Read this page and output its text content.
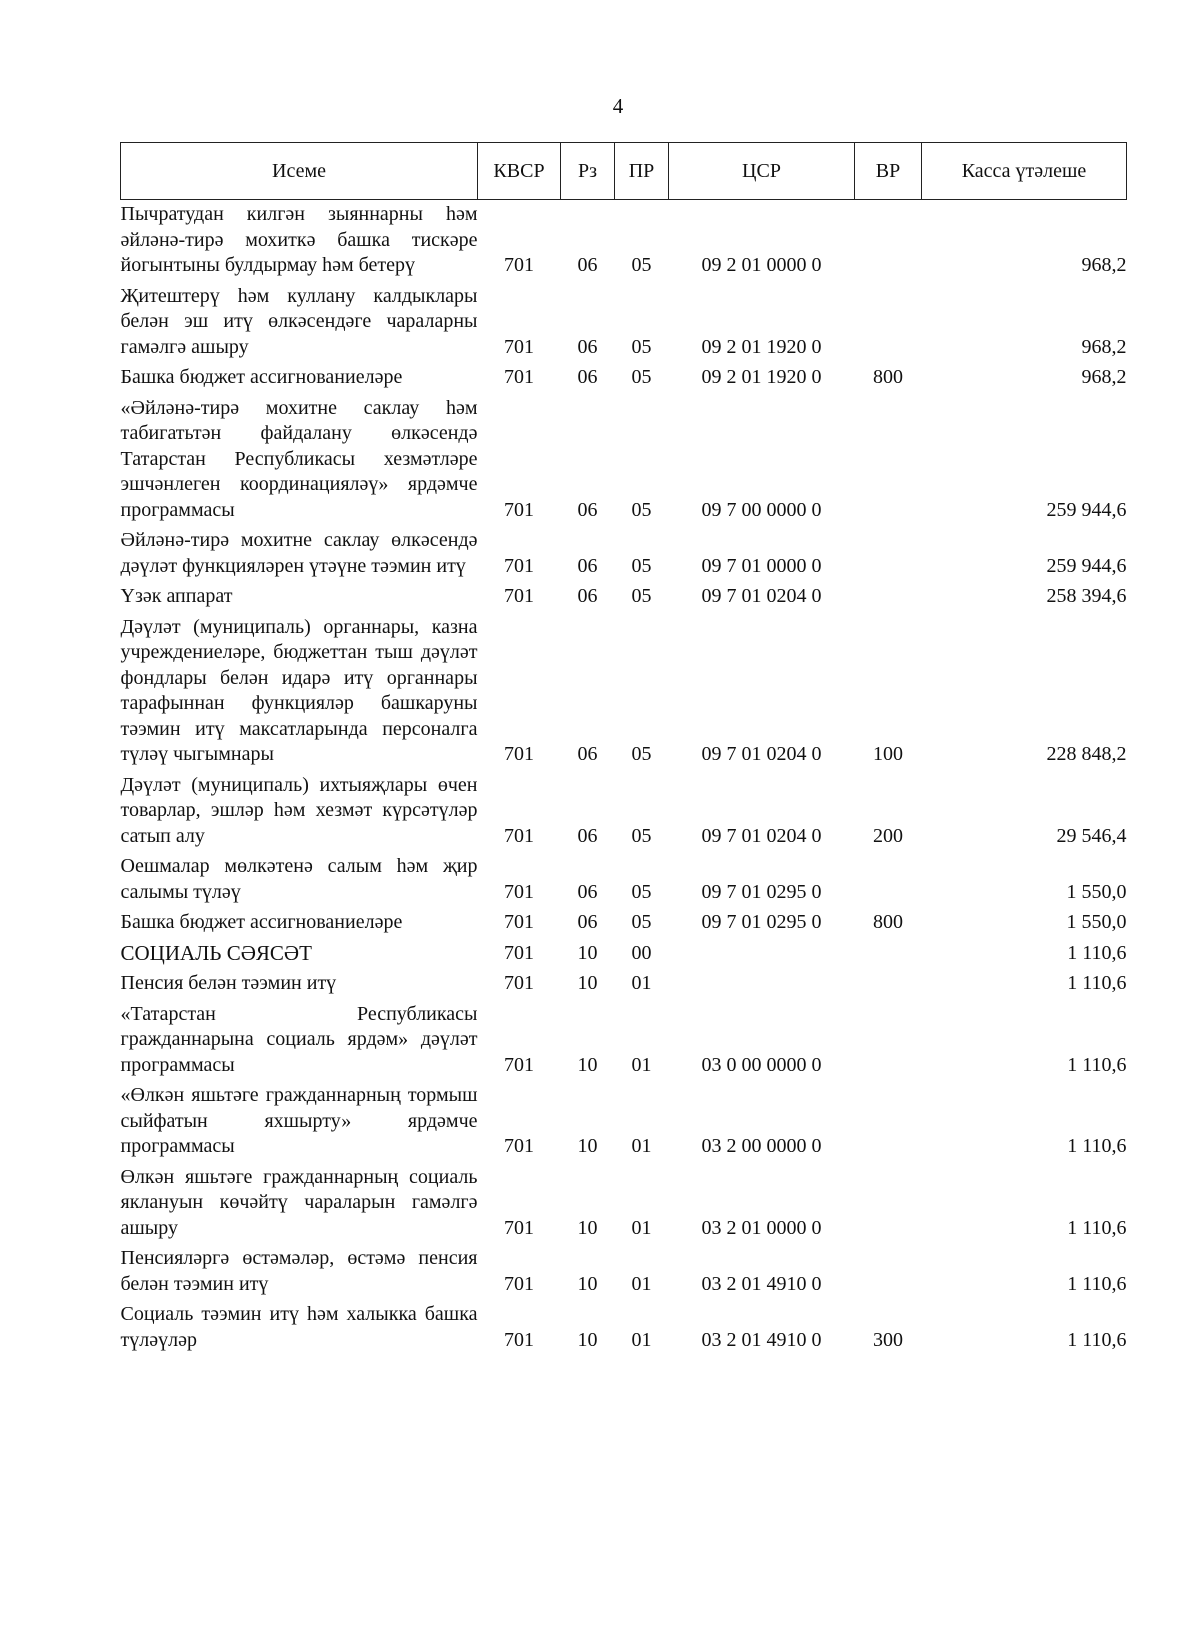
4
Исеме	КВСР	Рз	ПР	ЦСР	ВР	Касса үтәлеше
Пычратудан килгән зыяннарны һәм әйләнә-тирә мохиткә башка тискәре йогынтыны булдырмау һәм бетерү	701	06	05	09 2 01 0000 0		968,2
Җитештерү һәм куллану калдыклары белән эш итү өлкәсендәге чараларны гамәлгә ашыру	701	06	05	09 2 01 1920 0		968,2
Башка бюджет ассигнованиеләре	701	06	05	09 2 01 1920 0	800	968,2
«Әйләнә-тирә мохитне саклау һәм табигатьтән файдалану өлкәсендә Татарстан Республикасы хезмәтләре эшчәнлеген координацияләү» ярдәмче программасы	701	06	05	09 7 00 0000 0		259 944,6
Әйләнә-тирә мохитне саклау өлкәсендә дәүләт функцияләрен үтәүне тәэмин итү	701	06	05	09 7 01 0000 0		259 944,6
Үзәк аппарат	701	06	05	09 7 01 0204 0		258 394,6
Дәүләт (муниципаль) органнары, казна учреждениеләре, бюджеттан тыш дәүләт фондлары белән идарә итү органнары тарафыннан функцияләр башкаруны тәэмин итү максатларында персоналга түләү чыгымнары	701	06	05	09 7 01 0204 0	100	228 848,2
Дәүләт (муниципаль) ихтыяҗлары өчен товарлар, эшләр һәм хезмәт күрсәтүләр сатып алу	701	06	05	09 7 01 0204 0	200	29 546,4
Оешмалар мөлкәтенә салым һәм җир салымы түләү	701	06	05	09 7 01 0295 0		1 550,0
Башка бюджет ассигнованиеләре	701	06	05	09 7 01 0295 0	800	1 550,0
СОЦИАЛЬ СӘЯСӘТ	701	10	00			1 110,6
Пенсия белән тәэмин итү	701	10	01			1 110,6
«Татарстан Республикасы гражданнарына социаль ярдәм» дәүләт программасы	701	10	01	03 0 00 0000 0		1 110,6
«Өлкән яшьтәге гражданнарның тормыш сыйфатын яхшырту» ярдәмче программасы	701	10	01	03 2 00 0000 0		1 110,6
Өлкән яшьтәге гражданнарның социаль яклануын көчәйтү чараларын гамәлгә ашыру	701	10	01	03 2 01 0000 0		1 110,6
Пенсияләргә өстәмәләр, өстәмә пенсия белән тәэмин итү	701	10	01	03 2 01 4910 0		1 110,6
Социаль тәэмин итү һәм халыкка башка түләүләр	701	10	01	03 2 01 4910 0	300	1 110,6
